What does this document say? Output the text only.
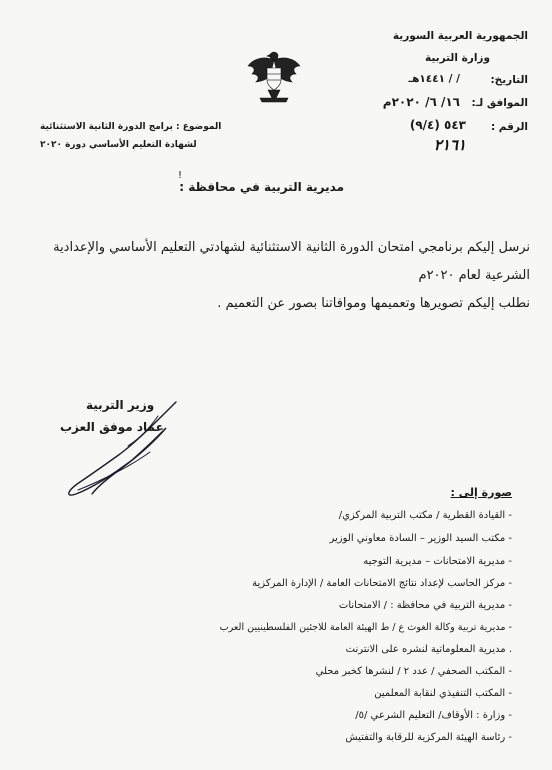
الجمهورية العربية السورية
وزارة التربية
التاريخ:
/ / ١٤٤١هـ
الموافق لـ:
١٦/ ٦/ ٢٠٢٠م
الرقم :
٥٤٣ (٩/٤)
٢١٦١
الموضوع : برامج الدورة الثانية الاستثنائية
لشهادة التعليم الأساسي دورة ٢٠٢٠
مديرية التربية في محافظة :
!
نرسل إليكم برنامجي امتحان الدورة الثانية الاستثنائية لشهادتي التعليم الأساسي والإعدادية
الشرعية لعام ٢٠٢٠م
نطلب إليكم تصويرها وتعميمها وموافاتنا بصور عن التعميم .
وزير التربية
عماد موفق العزب
صورة إلى :
- القيادة القطرية / مكتب التربية المركزي/
- مكتب السيد الوزير – السادة معاوني الوزير
- مديرية الامتحانات – مديرية التوجيه
- مركز الحاسب لإعداد نتائج الامتحانات العامة / الإدارة المركزية
- مديرية التربية في محافظة : / الامتحانات
- مديرية تربية وكالة الغوث ع / ط الهيئة العامة للاجئين الفلسطينيين العرب
. مديرية المعلوماتية لنشره على الانترنت
- المكتب الصحفي / عدد ٢ / لنشرها كخبر محلي
- المكتب التنفيذي لنقابة المعلمين
- وزارة : الأوقاف/ التعليم الشرعي /٥/
- رئاسة الهيئة المركزية للرقابة والتفتيش
